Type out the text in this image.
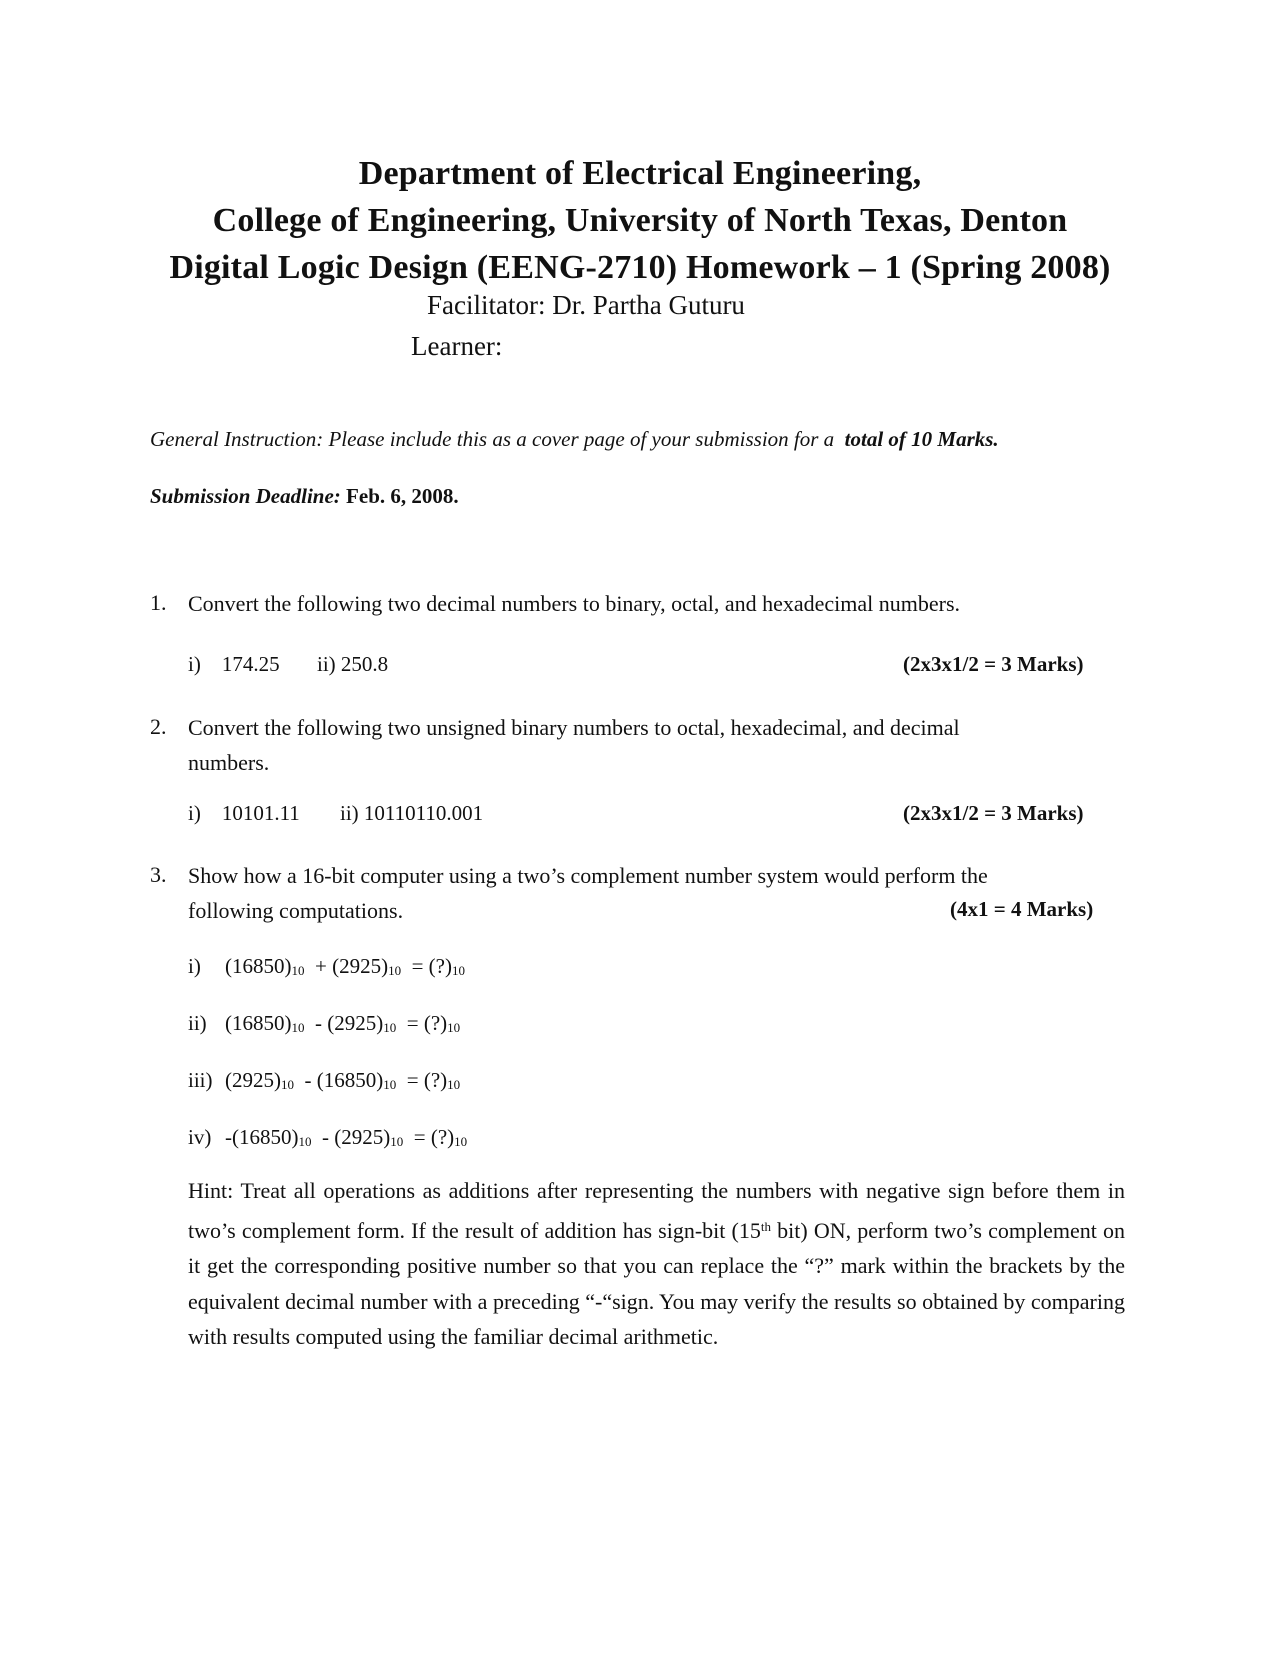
Department of Electrical Engineering,
College of Engineering, University of North Texas, Denton
Digital Logic Design (EENG-2710) Homework – 1 (Spring 2008)
Facilitator: Dr. Partha Guturu
Learner:
General Instruction: Please include this as a cover page of your submission for a total of 10 Marks.
Submission Deadline: Feb. 6, 2008.
1. Convert the following two decimal numbers to binary, octal, and hexadecimal numbers.
i)    174.25 ii) 250.8	(2x3x1/2 = 3 Marks)
2. Convert the following two unsigned binary numbers to octal, hexadecimal, and decimal
numbers.
i)    10101.11 ii) 10110110.001	(2x3x1/2 = 3 Marks)
3. Show how a 16-bit computer using a two’s complement number system would perform the
following computations.	(4x1 = 4 Marks)
i) $(16850)_{10} + (2925)_{10}$ = $(?)_{10}$
ii) $(16850)_{10} - (2925)_{10}$ = $(?)_{10}$
iii) $(2925)_{10} - (16850)_{10}$ = $(?)_{10}$
iv) $-(16850)_{10} - (2925)_{10}$ = $(?)_{10}$
Hint: Treat all operations as additions after representing the numbers with negative sign before them in two’s complement form. If the result of addition has sign-bit (15th bit) ON, perform two’s complement on it get the corresponding positive number so that you can replace the “?” mark within the brackets by the equivalent decimal number with a preceding “-“sign. You may verify the results so obtained by comparing with results computed using the familiar decimal arithmetic.
